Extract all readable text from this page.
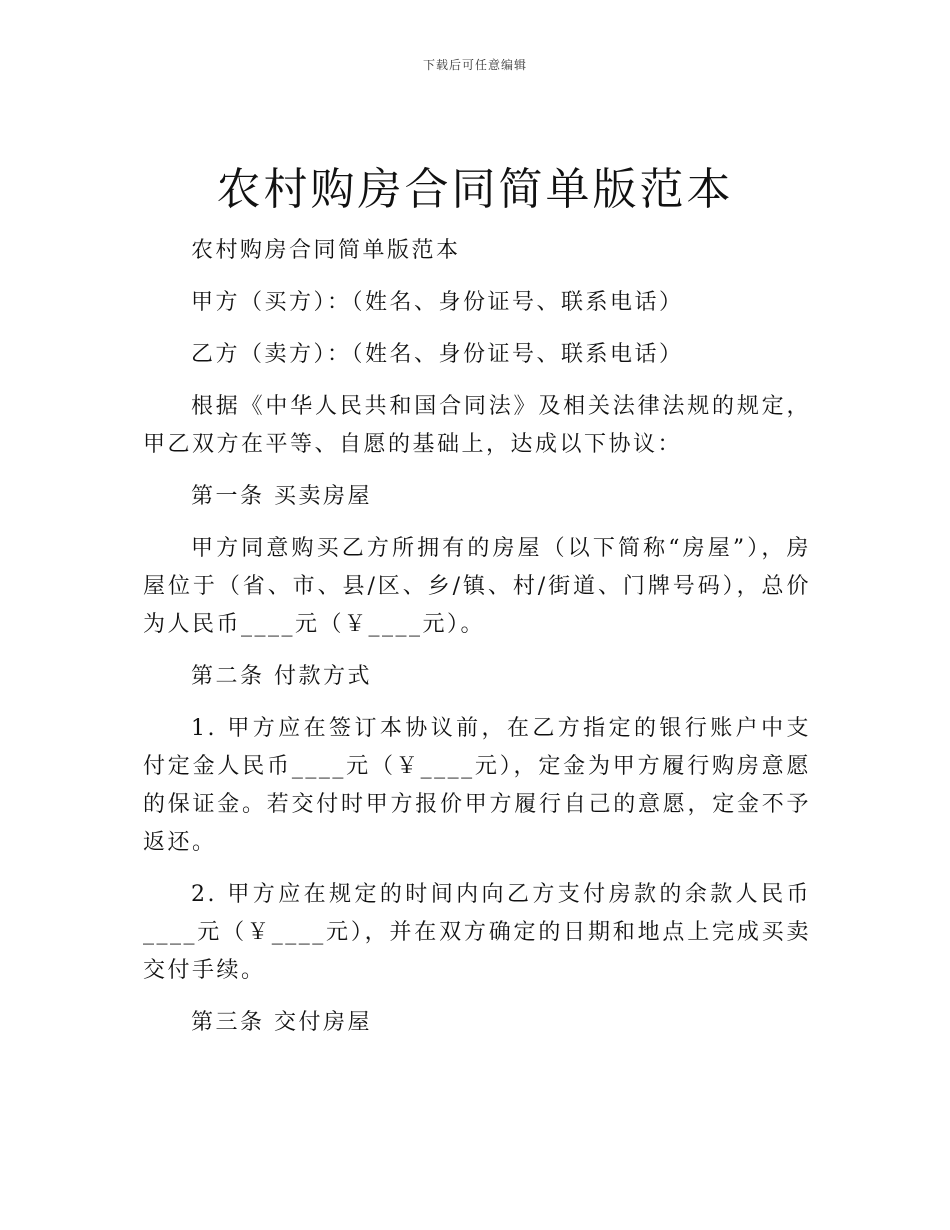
下载后可任意编辑
农村购房合同简单版范本

农村购房合同简单版范本

甲方（买方）：（姓名、身份证号、联系电话）

乙方（卖方）：（姓名、身份证号、联系电话）

根据《中华人民共和国合同法》及相关法律法规的规定，甲乙双方在平等、自愿的基础上，达成以下协议：

第一条 买卖房屋

甲方同意购买乙方所拥有的房屋（以下简称“房屋”），房屋位于（省、市、县/区、乡/镇、村/街道、门牌号码），总价为人民币____元（￥____元）。

第二条 付款方式

1. 甲方应在签订本协议前，在乙方指定的银行账户中支付定金人民币____元（￥____元），定金为甲方履行购房意愿的保证金。若交付时甲方报价甲方履行自己的意愿，定金不予返还。

2. 甲方应在规定的时间内向乙方支付房款的余款人民币____元（￥____元），并在双方确定的日期和地点上完成买卖交付手续。

第三条 交付房屋
